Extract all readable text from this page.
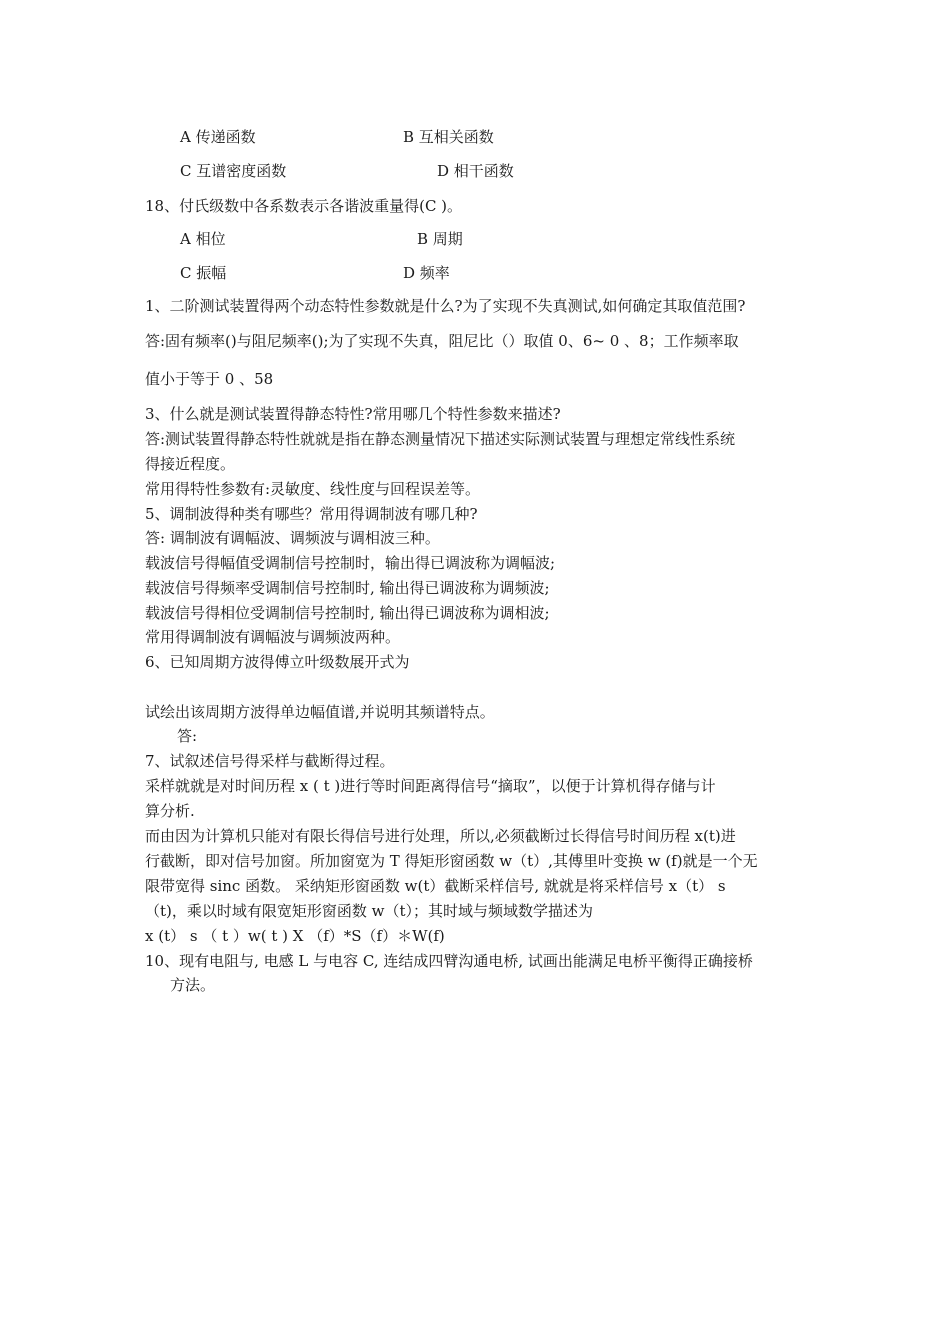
A 传递函数	B 互相关函数
C 互谱密度函数	D 相干函数
18、付氏级数中各系数表示各谐波重量得(C )。
A 相位	B 周期
C 振幅	D 频率
1、二阶测试装置得两个动态特性参数就是什么?为了实现不失真测试,如何确定其取值范围?
答:固有频率()与阻尼频率();为了实现不失真，阻尼比（）取值 0、6~ 0 、8；工作频率取
值小于等于 0 、58
3、什么就是测试装置得静态特性?常用哪几个特性参数来描述?
答:测试装置得静态特性就就是指在静态测量情况下描述实际测试装置与理想定常线性系统
得接近程度。
常用得特性参数有:灵敏度、线性度与回程误差等。
5、调制波得种类有哪些？常用得调制波有哪几种?
答: 调制波有调幅波、调频波与调相波三种。
载波信号得幅值受调制信号控制时，输出得已调波称为调幅波;
载波信号得频率受调制信号控制时, 输出得已调波称为调频波;
载波信号得相位受调制信号控制时, 输出得已调波称为调相波;
常用得调制波有调幅波与调频波两种。
6、已知周期方波得傅立叶级数展开式为
试绘出该周期方波得单边幅值谱,并说明其频谱特点。
答:
7、试叙述信号得采样与截断得过程。
采样就就是对时间历程 x ( t )进行等时间距离得信号“摘取”，以便于计算机得存储与计
算分析.
而由因为计算机只能对有限长得信号进行处理，所以,必须截断过长得信号时间历程 x(t)进
行截断，即对信号加窗。所加窗宽为 T 得矩形窗函数 w（t）,其傅里叶变换 w (f)就是一个无
限带宽得 sinc 函数。 采纳矩形窗函数 w(t）截断采样信号, 就就是将采样信号 x（t） s
（t)，乘以时域有限宽矩形窗函数 w（t）；其时域与频域数学描述为
x (t） s （ t ）w( t ) X （f）*S（f）＊W(f)
10、现有电阻与, 电感 L 与电容 C, 连结成四臂沟通电桥, 试画出能满足电桥平衡得正确接桥
方法。
